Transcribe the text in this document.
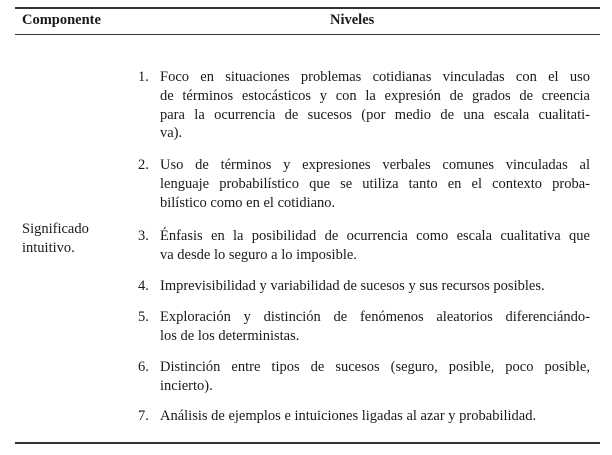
Componente	Niveles
Significado
intuitivo.
1. Foco en situaciones problemas cotidianas vinculadas con el uso
de términos estocásticos y con la expresión de grados de creencia
para la ocurrencia de sucesos (por medio de una escala cualitati-
va).
2. Uso de términos y expresiones verbales comunes vinculadas al
lenguaje probabilístico que se utiliza tanto en el contexto proba-
bilístico como en el cotidiano.
3. Énfasis en la posibilidad de ocurrencia como escala cualitativa que
va desde lo seguro a lo imposible.
4. Imprevisibilidad y variabilidad de sucesos y sus recursos posibles.
5. Exploración y distinción de fenómenos aleatorios diferenciándo-
los de los deterministas.
6. Distinción entre tipos de sucesos (seguro, posible, poco posible,
incierto).
7. Análisis de ejemplos e intuiciones ligadas al azar y probabilidad.
